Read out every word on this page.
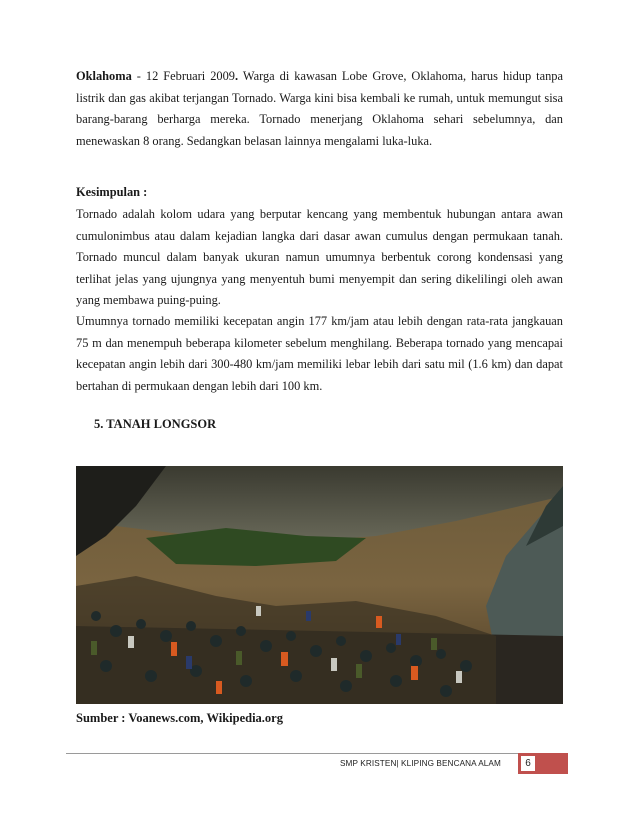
Oklahoma - 12 Februari 2009. Warga di kawasan Lobe Grove, Oklahoma, harus hidup tanpa listrik dan gas akibat terjangan Tornado. Warga kini bisa kembali ke rumah, untuk memungut sisa barang-barang berharga mereka. Tornado menerjang Oklahoma sehari sebelumnya, dan menewaskan 8 orang. Sedangkan belasan lainnya mengalami luka-luka.

Kesimpulan :

Tornado adalah kolom udara yang berputar kencang yang membentuk hubungan antara awan cumulonimbus atau dalam kejadian langka dari dasar awan cumulus dengan permukaan tanah. Tornado muncul dalam banyak ukuran namun umumnya berbentuk corong kondensasi yang terlihat jelas yang ujungnya yang menyentuh bumi menyempit dan sering dikelilingi oleh awan yang membawa puing-puing.

Umumnya tornado memiliki kecepatan angin 177 km/jam atau lebih dengan rata-rata jangkauan 75 m dan menempuh beberapa kilometer sebelum menghilang. Beberapa tornado yang mencapai kecepatan angin lebih dari 300-480 km/jam memiliki lebar lebih dari satu mil (1.6 km) dan dapat bertahan di permukaan dengan lebih dari 100 km.

5. TANAH LONGSOR
Sumber : Voanews.com, Wikipedia.org
SMP KRISTEN| KLIPING BENCANA ALAM	6
